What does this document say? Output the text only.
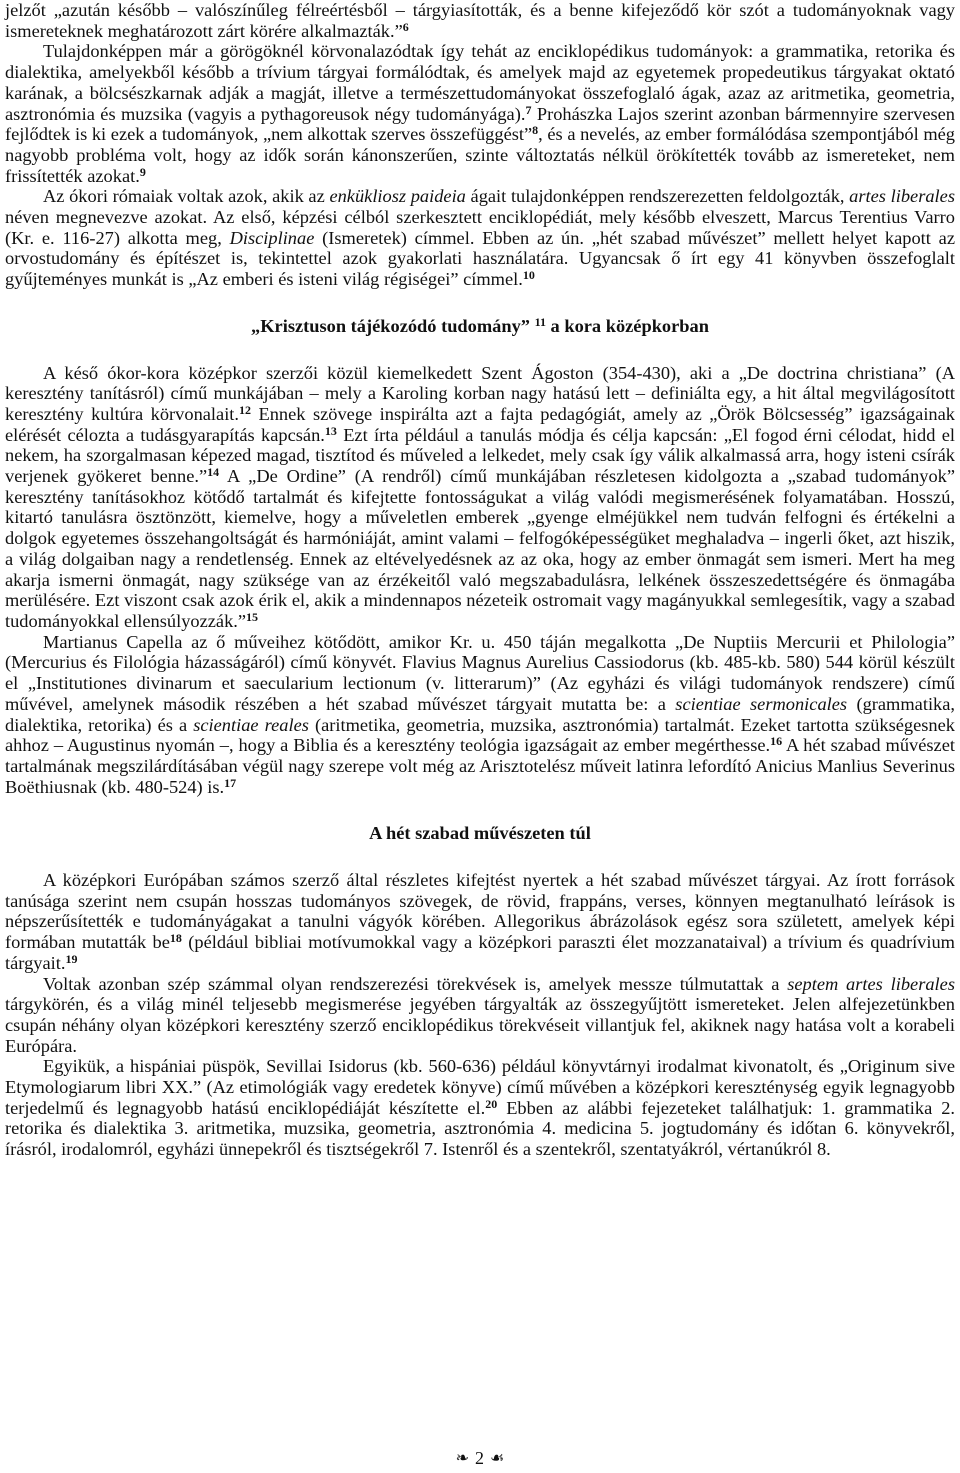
jelzőt „azután később – valószínűleg félreértésből – tárgyiasították, és a benne kifejeződő kör szót a tudományoknak vagy ismereteknek meghatározott zárt körére alkalmazták.”$^6$

Tulajdonképpen már a görögöknél körvonalazódtak így tehát az enciklopédikus tudományok: a grammatika, retorika és dialektika, amelyekből később a trívium tárgyai formálódtak, és amelyek majd az egyetemek propedeutikus tárgyakat oktató karának, a bölcsészkarnak adják a magját, illetve a természettudományokat összefoglaló ágak, azaz az aritmetika, geometria, asztronómia és muzsika (vagyis a pythagoreusok négy tudományága).$^7$ Prohászka Lajos szerint azonban bármennyire szervesen fejlődtek is ki ezek a tudományok, „nem alkottak szerves összefüggést”$^8$, és a nevelés, az ember formálódása szempontjából még nagyobb probléma volt, hogy az idők során kánonszerűen, szinte változtatás nélkül örökítették tovább az ismereteket, nem frissítették azokat.$^9$

Az ókori rómaiak voltak azok, akik az enkükliosz paideia ágait tulajdonképpen rendszerezetten feldolgozták, artes liberales néven megnevezve azokat. Az első, képzési célból szerkesztett enciklopédiát, mely később elveszett, Marcus Terentius Varro (Kr. e. 116-27) alkotta meg, Disciplinae (Ismeretek) címmel. Ebben az ún. „hét szabad művészet” mellett helyet kapott az orvostudomány és építészet is, tekintettel azok gyakorlati használatára. Ugyancsak ő írt egy 41 könyvben összefoglalt gyűjteményes munkát is „Az emberi és isteni világ régiségei” címmel.$^{10}$

„Krisztuson tájékozódó tudomány” $^{11}$ a kora középkorban

A késő ókor-kora középkor szerzői közül kiemelkedett Szent Ágoston (354-430), aki a „De doctrina christiana” (A keresztény tanításról) című munkájában – mely a Karoling korban nagy hatású lett – definiálta egy, a hit által megvilágosított keresztény kultúra körvonalait.$^{12}$ Ennek szövege inspirálta azt a fajta pedagógiát, amely az „Örök Bölcsesség” igazságainak elérését célozta a tudásgyarapítás kapcsán.$^{13}$ Ezt írta például a tanulás módja és célja kapcsán: „El fogod érni célodat, hidd el nekem, ha szorgalmasan képezed magad, tisztítod és műveled a lelkedet, mely csak így válik alkalmassá arra, hogy isteni csírák verjenek gyökeret benne.”$^{14}$ A „De Ordine” (A rendről) című munkájában részletesen kidolgozta a „szabad tudományok” keresztény tanításokhoz kötődő tartalmát és kifejtette fontosságukat a világ valódi megismerésének folyamatában. Hosszú, kitartó tanulásra ösztönzött, kiemelve, hogy a műveletlen emberek „gyenge elméjükkel nem tudván felfogni és értékelni a dolgok egyetemes összehangoltságát és harmóniáját, amint valami – felfogóképességüket meghaladva – ingerli őket, azt hiszik, a világ dolgaiban nagy a rendetlenség. Ennek az eltévelyedésnek az az oka, hogy az ember önmagát sem ismeri. Mert ha meg akarja ismerni önmagát, nagy szüksége van az érzékeitől való megszabadulásra, lelkének összeszedettségére és önmagába merülésére. Ezt viszont csak azok érik el, akik a mindennapos nézeteik ostromait vagy magányukkal semlegesítik, vagy a szabad tudományokkal ellensúlyozzák.”$^{15}$

Martianus Capella az ő műveihez kötődött, amikor Kr. u. 450 táján megalkotta „De Nuptiis Mercurii et Philologia” (Mercurius és Filológia házasságáról) című könyvét. Flavius Magnus Aurelius Cassiodorus (kb. 485-kb. 580) 544 körül készült el „Institutiones divinarum et saecularium lectionum (v. litterarum)” (Az egyházi és világi tudományok rendszere) című művével, amelynek második részében a hét szabad művészet tárgyait mutatta be: a scientiae sermonicales (grammatika, dialektika, retorika) és a scientiae reales (aritmetika, geometria, muzsika, asztronómia) tartalmát. Ezeket tartotta szükségesnek ahhoz – Augustinus nyomán –, hogy a Biblia és a keresztény teológia igazságait az ember megérthesse.$^{16}$ A hét szabad művészet tartalmának megszilárdításában végül nagy szerepe volt még az Arisztotelész műveit latinra lefordító Anicius Manlius Severinus Boëthiusnak (kb. 480-524) is.$^{17}$

A hét szabad művészeten túl

A középkori Európában számos szerző által részletes kifejtést nyertek a hét szabad művészet tárgyai. Az írott források tanúsága szerint nem csupán hosszas tudományos szövegek, de rövid, frappáns, verses, könnyen megtanulható leírások is népszerűsítették e tudományágakat a tanulni vágyók körében. Allegorikus ábrázolások egész sora született, amelyek képi formában mutatták $be^{18}$ (például bibliai motívumokkal vagy a középkori paraszti élet mozzanataival) a trívium és quadrívium tárgyait.$^{19}$

Voltak azonban szép számmal olyan rendszerezési törekvések is, amelyek messze túlmutattak a septem artes liberales tárgykörén, és a világ minél teljesebb megismerése jegyében tárgyalták az összegyűjtött ismereteket. Jelen alfejezetünkben csupán néhány olyan középkori keresztény szerző enciklopédikus törekvéseit villantjuk fel, akiknek nagy hatása volt a korabeli Európára.

Egyikük, a hispániai püspök, Sevillai Isidorus (kb. 560-636) például könyvtárnyi irodalmat kivonatolt, és „Originum sive Etymologiarum libri XX.” (Az etimológiák vagy eredetek könyve) című művében a középkori kereszténység egyik legnagyobb terjedelmű és legnagyobb hatású enciklopédiáját készítette el.$^{20}$ Ebben az alábbi fejezeteket találhatjuk: 1. grammatika 2. retorika és dialektika 3. aritmetika, muzsika, geometria, asztronómia 4. medicina 5. jogtudomány és időtan 6. könyvekről, írásról, irodalomról, egyházi ünnepekről és tisztségekről 7. Istenről és a szentekről, szentatyákról, vértanúkról 8.

❧ 2 ☙
